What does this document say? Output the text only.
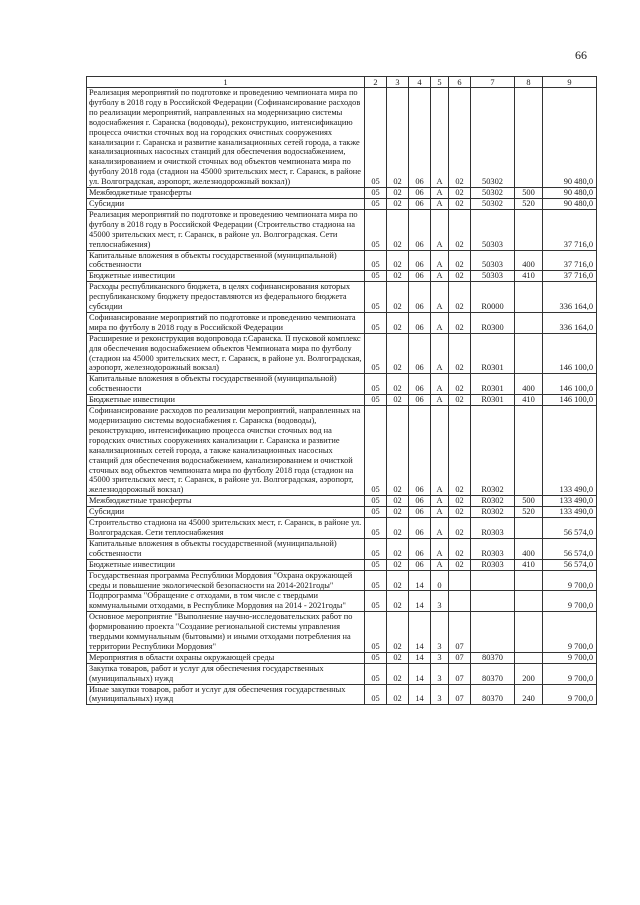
66
1	2	3	4	5	6	7	8	9
Реализация мероприятий по подготовке и проведению чемпионата мира по футболу в 2018 году в Российской Федерации (Софинансирование расходов по реализации мероприятий, направленных на модернизацию системы водоснабжения г. Саранска (водоводы), реконструкцию, интенсификацию процесса очистки сточных вод на городских очистных сооружениях канализации г. Саранска и развитие канализационных сетей города, а также канализационных насосных станций для обеспечения водоснабжением, канализированием и очисткой сточных вод объектов чемпионата мира по футболу 2018 года (стадион на 45000 зрительских мест, г. Саранск, в районе ул. Волгоградская, аэропорт, железнодорожный вокзал))	05	02	06	А	02	50302		90 480,0
Межбюджетные трансферты	05	02	06	А	02	50302	500	90 480,0
Субсидии	05	02	06	А	02	50302	520	90 480,0
Реализация мероприятий по подготовке и проведению чемпионата мира по футболу в 2018 году в Российской Федерации (Строительство стадиона на 45000 зрительских мест, г. Саранск, в районе ул. Волгоградская. Сети теплоснабжения)	05	02	06	А	02	50303		37 716,0
Капитальные вложения в объекты государственной (муниципальной) собственности	05	02	06	А	02	50303	400	37 716,0
Бюджетные инвестиции	05	02	06	А	02	50303	410	37 716,0
Расходы республиканского бюджета, в целях софинансирования которых республиканскому бюджету предоставляются из федерального бюджета субсидии	05	02	06	А	02	R0000		336 164,0
Софинансирование мероприятий по подготовке и проведению чемпионата мира по футболу в 2018 году в Российской Федерации	05	02	06	А	02	R0300		336 164,0
Расширение и реконструкция водопровода г.Саранска. II пусковой комплекс для обеспечения водоснабжением объектов Чемпионата мира по футболу (стадион на 45000 зрительских мест, г. Саранск, в районе ул. Волгоградская, аэропорт, железнодорожный вокзал)	05	02	06	А	02	R0301		146 100,0
Капитальные вложения в объекты государственной (муниципальной) собственности	05	02	06	А	02	R0301	400	146 100,0
Бюджетные инвестиции	05	02	06	А	02	R0301	410	146 100,0
Софинансирование расходов по реализации мероприятий, направленных на модернизацию системы водоснабжения г. Саранска (водоводы), реконструкцию, интенсификацию процесса очистки сточных вод на городских очистных сооружениях канализации г. Саранска и развитие канализационных сетей города, а также канализационных насосных станций для обеспечения водоснабжением, канализированием и очисткой сточных вод объектов чемпионата мира по футболу 2018 года (стадион на 45000 зрительских мест, г. Саранск, в районе ул. Волгоградская, аэропорт, железнодорожный вокзал)	05	02	06	А	02	R0302		133 490,0
Межбюджетные трансферты	05	02	06	А	02	R0302	500	133 490,0
Субсидии	05	02	06	А	02	R0302	520	133 490,0
Строительство стадиона на 45000 зрительских мест, г. Саранск, в районе ул. Волгоградская. Сети теплоснабжения	05	02	06	А	02	R0303		56 574,0
Капитальные вложения в объекты государственной (муниципальной) собственности	05	02	06	А	02	R0303	400	56 574,0
Бюджетные инвестиции	05	02	06	А	02	R0303	410	56 574,0
Государственная программа Республики Мордовия "Охрана окружающей среды и повышение экологической безопасности на 2014-2021годы"	05	02	14	0				9 700,0
Подпрограмма "Обращение с отходами, в том числе с твердыми коммунальными отходами, в Республике Мордовия на 2014 - 2021годы"	05	02	14	3				9 700,0
Основное мероприятие "Выполнение научно-исследовательских работ по формированию проекта "Создание региональной системы управления твердыми коммунальным (бытовыми) и иными отходами потребления на территории Республики Мордовия"	05	02	14	3	07			9 700,0
Мероприятия в области охраны окружающей среды	05	02	14	3	07	80370		9 700,0
Закупка товаров, работ и услуг для обеспечения государственных (муниципальных) нужд	05	02	14	3	07	80370	200	9 700,0
Иные закупки товаров, работ и услуг для обеспечения государственных (муниципальных) нужд	05	02	14	3	07	80370	240	9 700,0
